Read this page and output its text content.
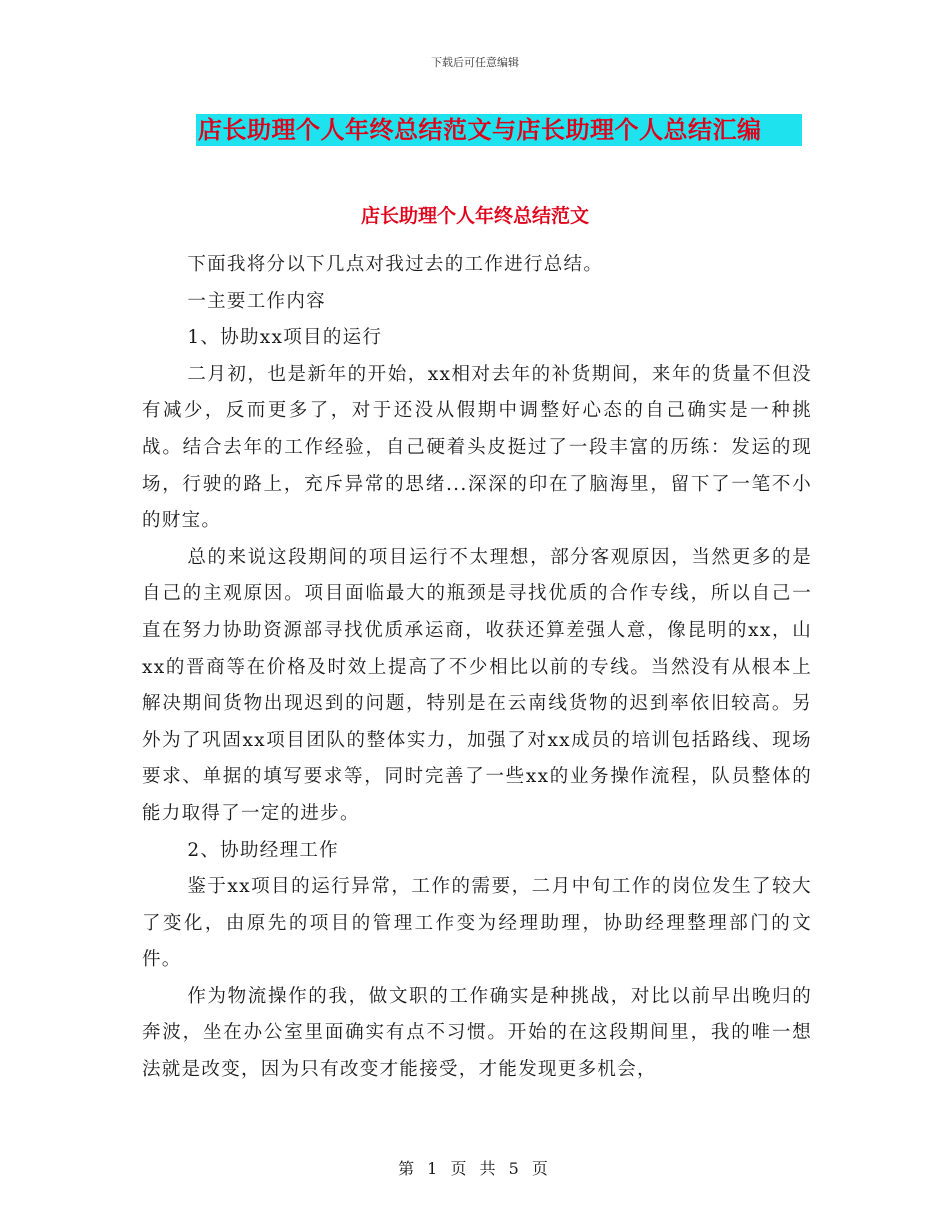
下载后可任意编辑
店长助理个人年终总结范文与店长助理个人总结汇编
店长助理个人年终总结范文

下面我将分以下几点对我过去的工作进行总结。

一主要工作内容

1、协助xx项目的运行

二月初，也是新年的开始，xx相对去年的补货期间，来年的货量不但没有减少，反而更多了，对于还没从假期中调整好心态的自己确实是一种挑战。结合去年的工作经验，自己硬着头皮挺过了一段丰富的历练：发运的现场，行驶的路上，充斥异常的思绪...深深的印在了脑海里，留下了一笔不小的财宝。

总的来说这段期间的项目运行不太理想，部分客观原因，当然更多的是自己的主观原因。项目面临最大的瓶颈是寻找优质的合作专线，所以自己一直在努力协助资源部寻找优质承运商，收获还算差强人意，像昆明的xx，山xx的晋商等在价格及时效上提高了不少相比以前的专线。当然没有从根本上解决期间货物出现迟到的问题，特别是在云南线货物的迟到率依旧较高。另外为了巩固xx项目团队的整体实力，加强了对xx成员的培训包括路线、现场要求、单据的填写要求等，同时完善了一些xx的业务操作流程，队员整体的能力取得了一定的进步。

2、协助经理工作

鉴于xx项目的运行异常，工作的需要，二月中旬工作的岗位发生了较大了变化，由原先的项目的管理工作变为经理助理，协助经理整理部门的文件。

作为物流操作的我，做文职的工作确实是种挑战，对比以前早出晚归的奔波，坐在办公室里面确实有点不习惯。开始的在这段期间里，我的唯一想法就是改变，因为只有改变才能接受，才能发现更多机会，

第 1 页 共 5 页
